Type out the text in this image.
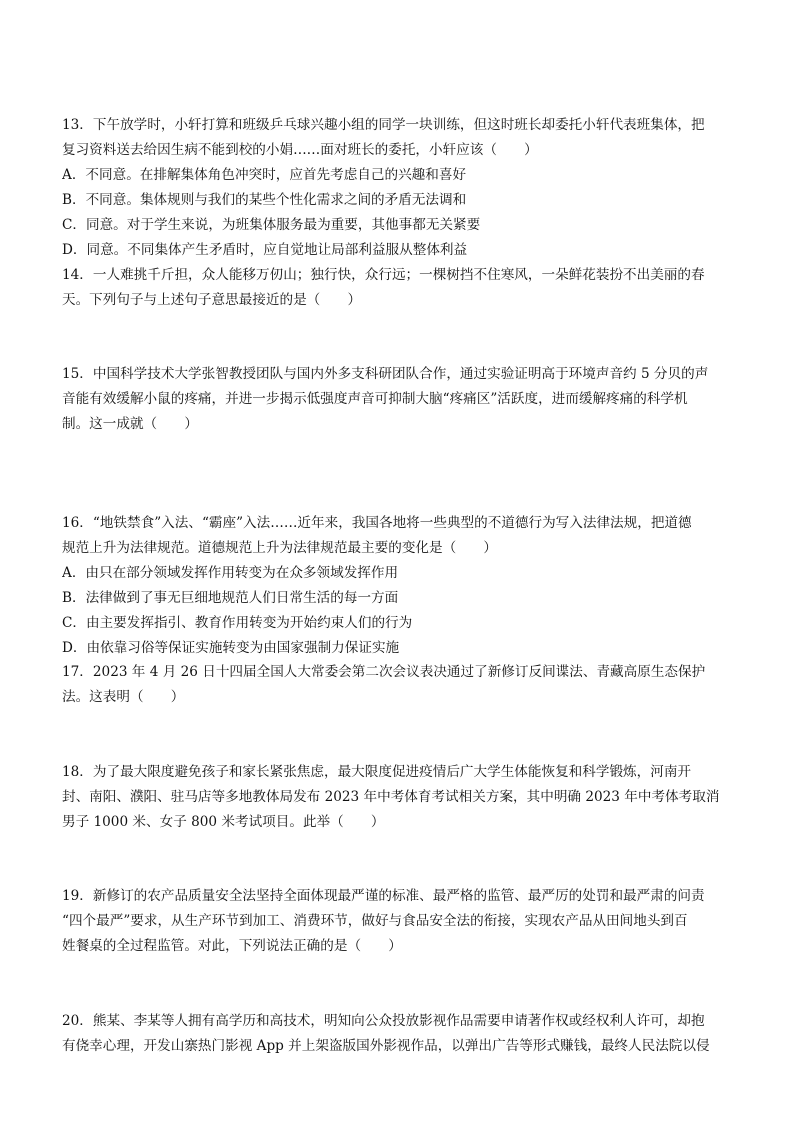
13．下午放学时，小轩打算和班级乒乓球兴趣小组的同学一块训练，但这时班长却委托小轩代表班集体，把
复习资料送去给因生病不能到校的小娟……面对班长的委托，小轩应该（　　）
A．不同意。在排解集体角色冲突时，应首先考虑自己的兴趣和喜好
B．不同意。集体规则与我们的某些个性化需求之间的矛盾无法调和
C．同意。对于学生来说，为班集体服务最为重要，其他事都无关紧要
D．同意。不同集体产生矛盾时，应自觉地让局部利益服从整体利益
14．一人难挑千斤担，众人能移万仞山；独行快，众行远；一棵树挡不住寒风，一朵鲜花装扮不出美丽的春
天。下列句子与上述句子意思最接近的是（　　）
15．中国科学技术大学张智教授团队与国内外多支科研团队合作，通过实验证明高于环境声音约 5 分贝的声
音能有效缓解小鼠的疼痛，并进一步揭示低强度声音可抑制大脑“疼痛区”活跃度，进而缓解疼痛的科学机
制。这一成就（　　）
16．“地铁禁食”入法、“霸座”入法……近年来，我国各地将一些典型的不道德行为写入法律法规，把道德
规范上升为法律规范。道德规范上升为法律规范最主要的变化是（　　）
A．由只在部分领域发挥作用转变为在众多领域发挥作用
B．法律做到了事无巨细地规范人们日常生活的每一方面
C．由主要发挥指引、教育作用转变为开始约束人们的行为
D．由依靠习俗等保证实施转变为由国家强制力保证实施
17．2023 年 4 月 26 日十四届全国人大常委会第二次会议表决通过了新修订反间谍法、青藏高原生态保护
法。这表明（　　）
18．为了最大限度避免孩子和家长紧张焦虑，最大限度促进疫情后广大学生体能恢复和科学锻炼，河南开
封、南阳、濮阳、驻马店等多地教体局发布 2023 年中考体育考试相关方案，其中明确 2023 年中考体考取消
男子 1000 米、女子 800 米考试项目。此举（　　）
19．新修订的农产品质量安全法坚持全面体现最严谨的标准、最严格的监管、最严厉的处罚和最严肃的问责
“四个最严”要求，从生产环节到加工、消费环节，做好与食品安全法的衔接，实现农产品从田间地头到百
姓餐桌的全过程监管。对此，下列说法正确的是（　　）
20．熊某、李某等人拥有高学历和高技术，明知向公众投放影视作品需要申请著作权或经权利人许可，却抱
有侥幸心理，开发山寨热门影视 App 并上架盗版国外影视作品，以弹出广告等形式赚钱，最终人民法院以侵
